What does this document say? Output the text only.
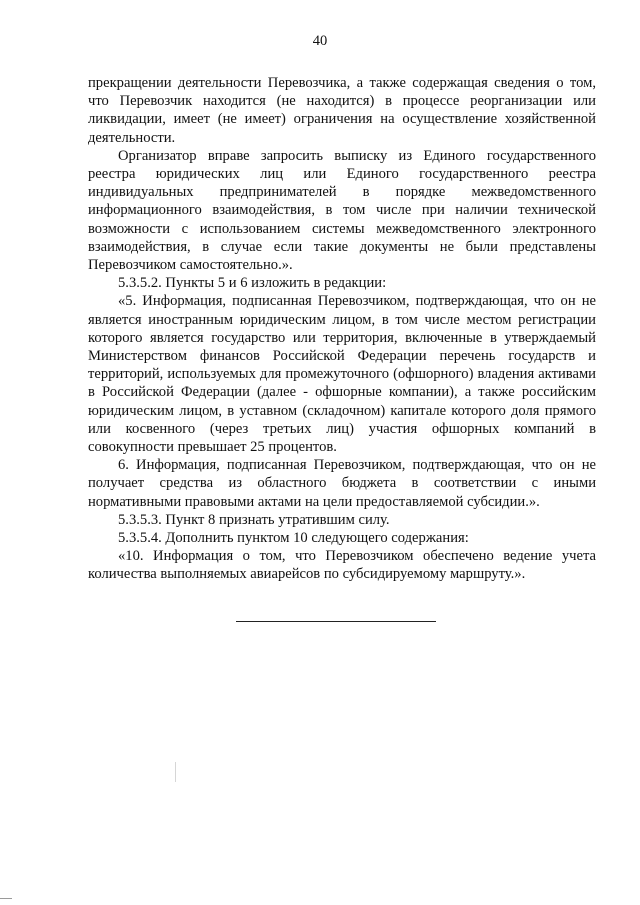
40

прекращении деятельности Перевозчика, а также содержащая сведения о том, что Перевозчик находится (не находится) в процессе реорганизации или ликвидации, имеет (не имеет) ограничения на осуществление хозяйственной деятельности.

Организатор вправе запросить выписку из Единого государственного реестра юридических лиц или Единого государственного реестра индивидуальных предпринимателей в порядке межведомственного информационного взаимодействия, в том числе при наличии технической возможности с использованием системы межведомственного электронного взаимодействия, в случае если такие документы не были представлены Перевозчиком самостоятельно.».

5.3.5.2. Пункты 5 и 6 изложить в редакции:

«5. Информация, подписанная Перевозчиком, подтверждающая, что он не является иностранным юридическим лицом, в том числе местом регистрации которого является государство или территория, включенные в утверждаемый Министерством финансов Российской Федерации перечень государств и территорий, используемых для промежуточного (офшорного) владения активами в Российской Федерации (далее - офшорные компании), а также российским юридическим лицом, в уставном (складочном) капитале которого доля прямого или косвенного (через третьих лиц) участия офшорных компаний в совокупности превышает 25 процентов.

6. Информация, подписанная Перевозчиком, подтверждающая, что он не получает средства из областного бюджета в соответствии с иными нормативными правовыми актами на цели предоставляемой субсидии.».

5.3.5.3. Пункт 8 признать утратившим силу.

5.3.5.4. Дополнить пунктом 10 следующего содержания:

«10. Информация о том, что Перевозчиком обеспечено ведение учета количества выполняемых авиарейсов по субсидируемому маршруту.».
